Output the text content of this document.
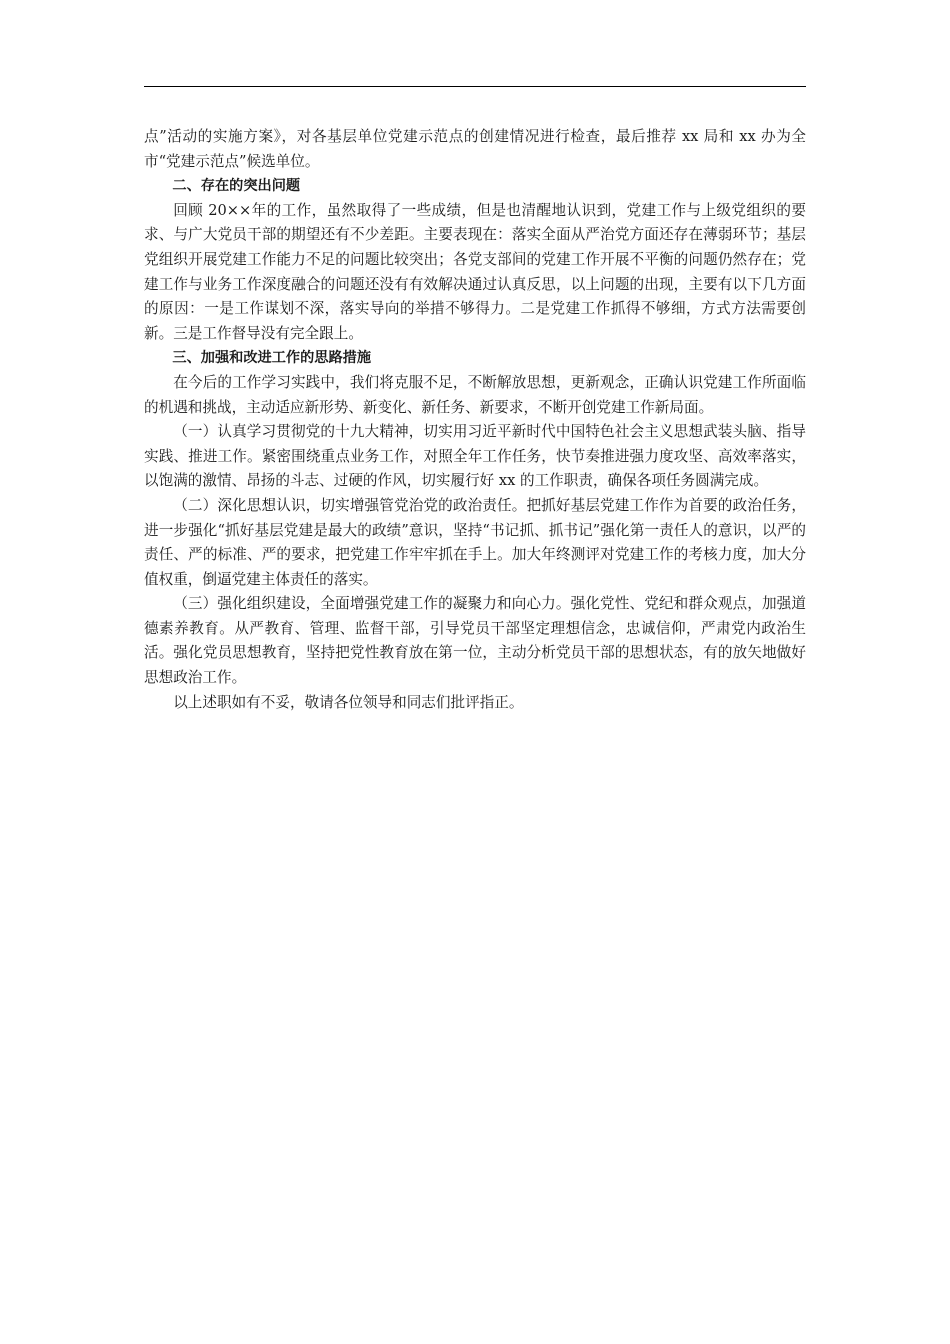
点”活动的实施方案》，对各基层单位党建示范点的创建情况进行检查，最后推荐 xx 局和 xx 办为全市“党建示范点”候选单位。

二、存在的突出问题

回顾 20××年的工作，虽然取得了一些成绩，但是也清醒地认识到，党建工作与上级党组织的要求、与广大党员干部的期望还有不少差距。主要表现在：落实全面从严治党方面还存在薄弱环节；基层党组织开展党建工作能力不足的问题比较突出；各党支部间的党建工作开展不平衡的问题仍然存在；党建工作与业务工作深度融合的问题还没有有效解决通过认真反思，以上问题的出现，主要有以下几方面的原因：一是工作谋划不深，落实导向的举措不够得力。二是党建工作抓得不够细，方式方法需要创新。三是工作督导没有完全跟上。

三、加强和改进工作的思路措施

在今后的工作学习实践中，我们将克服不足，不断解放思想，更新观念，正确认识党建工作所面临的机遇和挑战，主动适应新形势、新变化、新任务、新要求，不断开创党建工作新局面。

（一）认真学习贯彻党的十九大精神，切实用习近平新时代中国特色社会主义思想武装头脑、指导实践、推进工作。紧密围绕重点业务工作，对照全年工作任务，快节奏推进强力度攻坚、高效率落实，以饱满的激情、昂扬的斗志、过硬的作风，切实履行好 xx 的工作职责，确保各项任务圆满完成。

（二）深化思想认识，切实增强管党治党的政治责任。把抓好基层党建工作作为首要的政治任务，进一步强化“抓好基层党建是最大的政绩”意识，坚持“书记抓、抓书记”强化第一责任人的意识，以严的责任、严的标准、严的要求，把党建工作牢牢抓在手上。加大年终测评对党建工作的考核力度，加大分值权重，倒逼党建主体责任的落实。

（三）强化组织建设，全面增强党建工作的凝聚力和向心力。强化党性、党纪和群众观点，加强道德素养教育。从严教育、管理、监督干部，引导党员干部坚定理想信念，忠诚信仰，严肃党内政治生活。强化党员思想教育，坚持把党性教育放在第一位，主动分析党员干部的思想状态，有的放矢地做好思想政治工作。

以上述职如有不妥，敬请各位领导和同志们批评指正。
